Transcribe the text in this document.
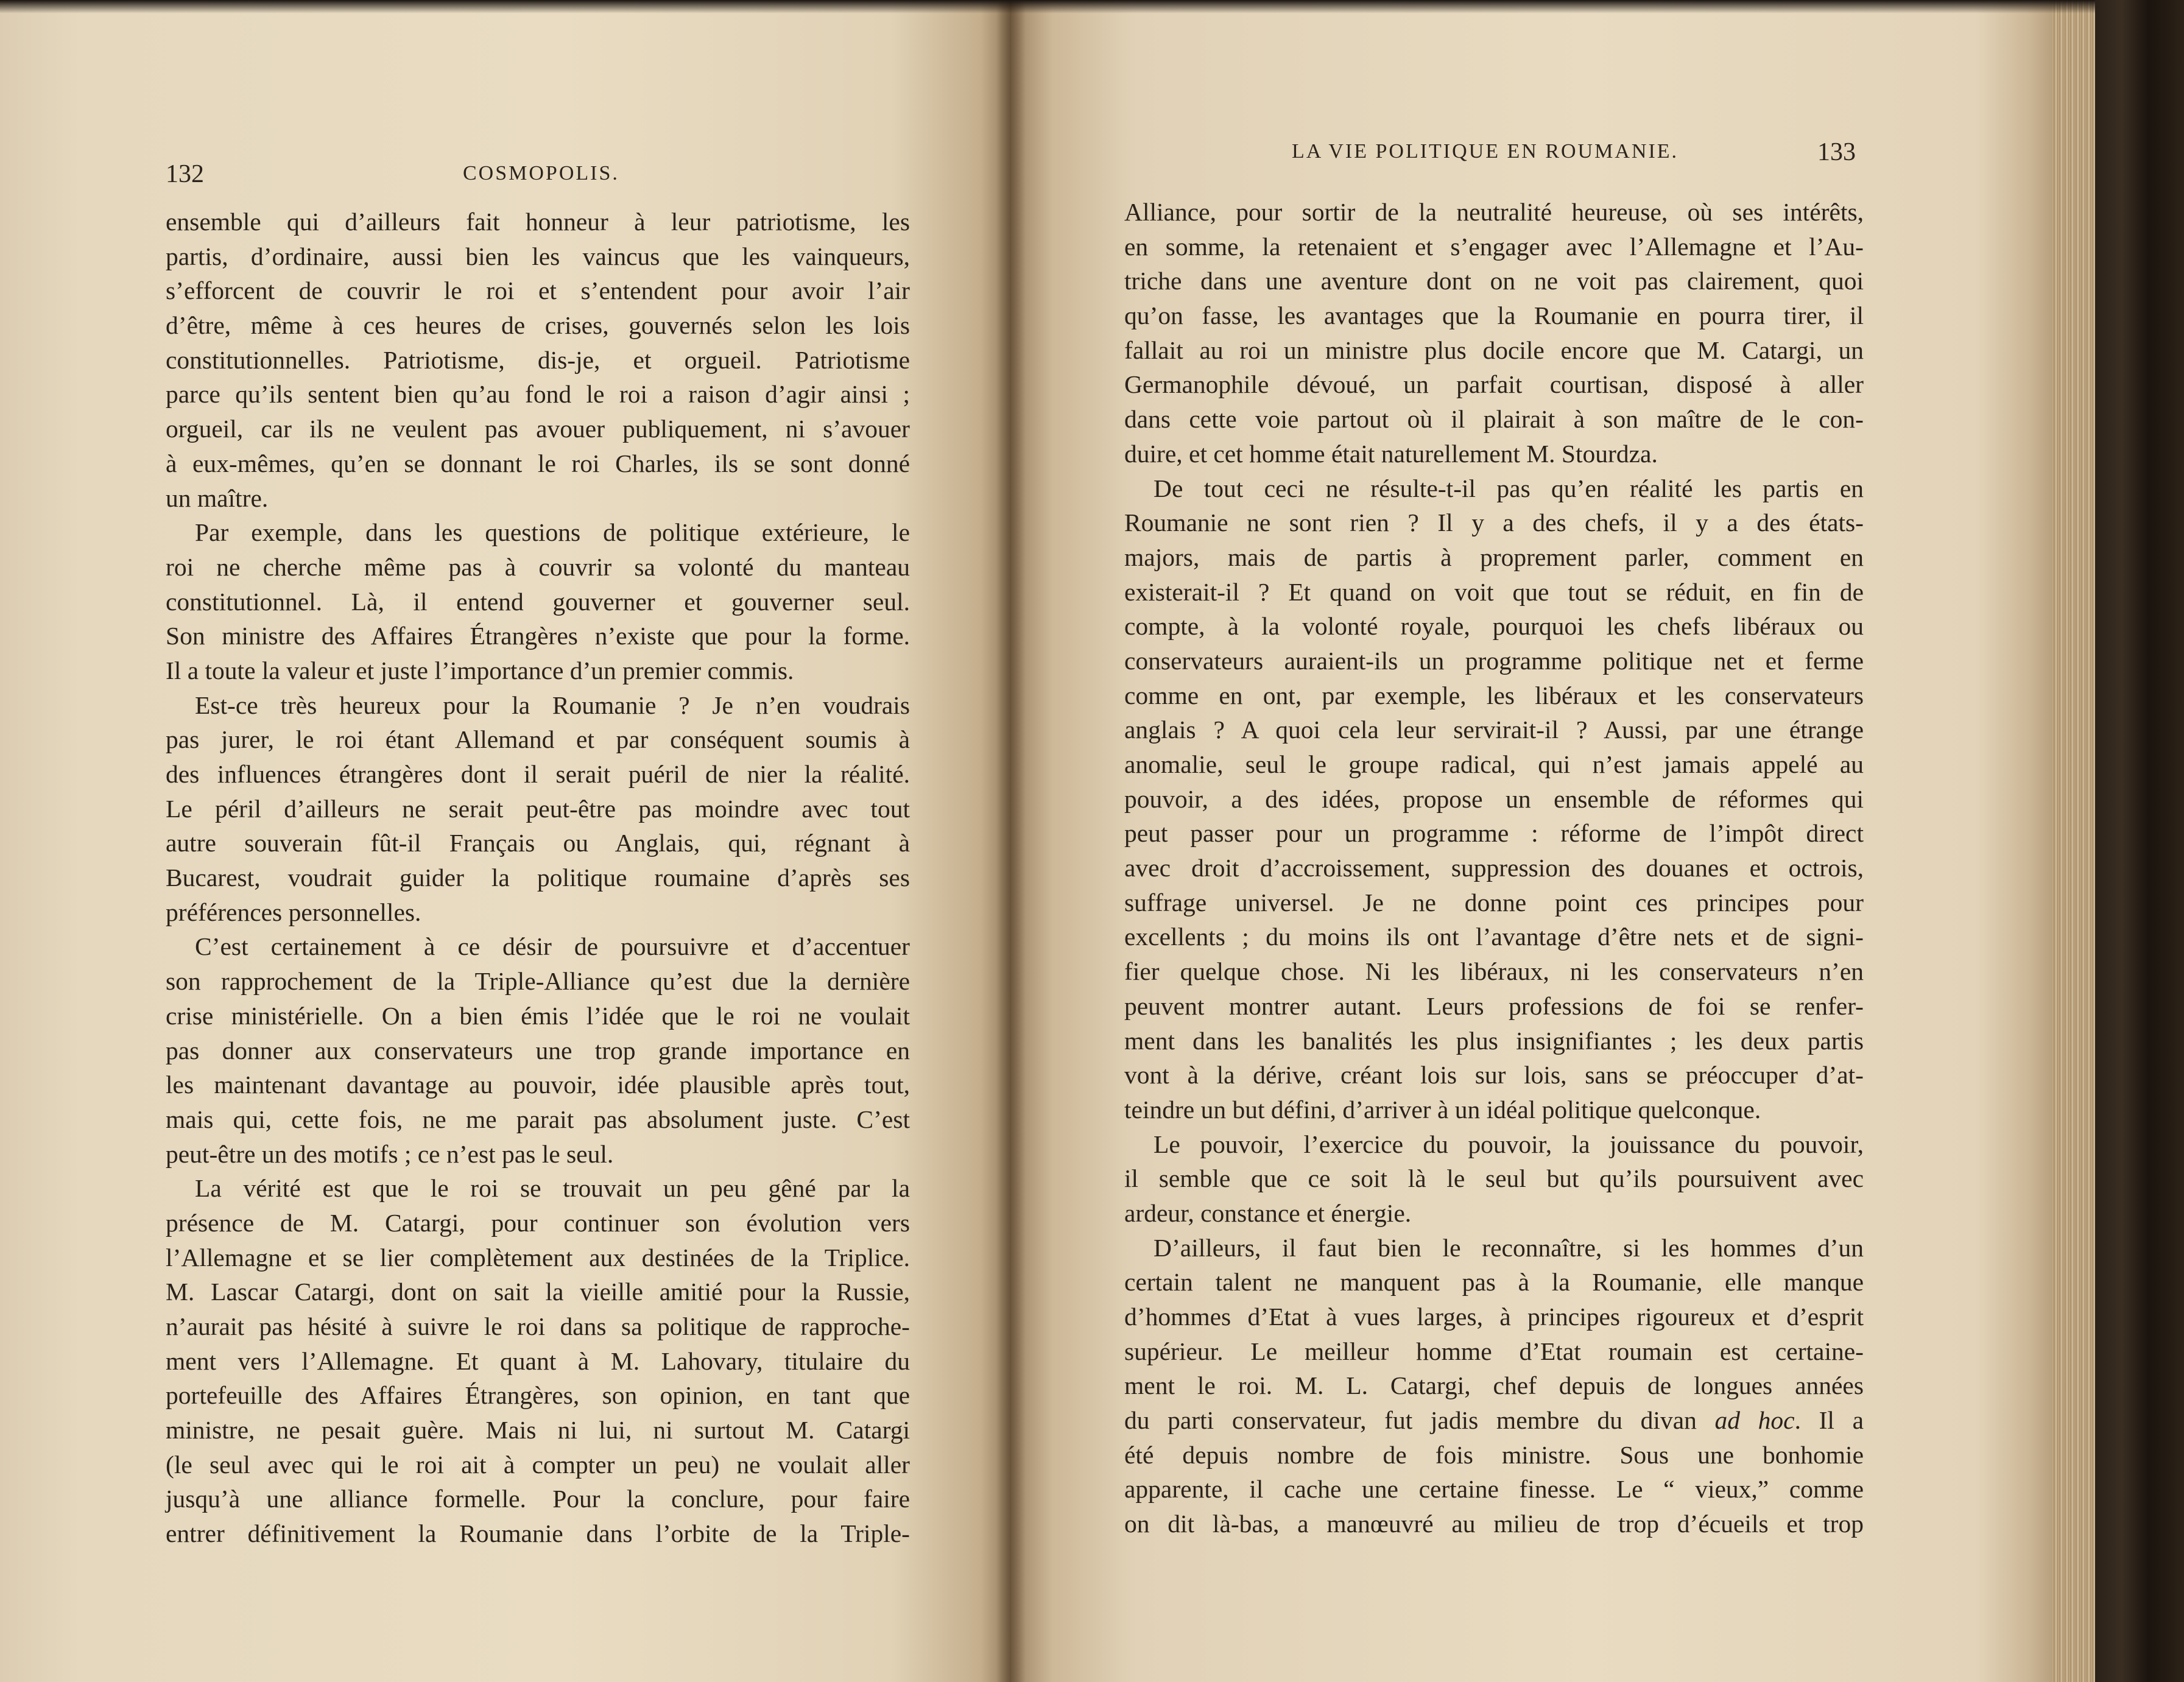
132	COSMOPOLIS.
ensemble qui d’ailleurs fait honneur à leur patriotisme, les
partis, d’ordinaire, aussi bien les vaincus que les vainqueurs,
s’efforcent de couvrir le roi et s’entendent pour avoir l’air
d’être, même à ces heures de crises, gouvernés selon les lois
constitutionnelles. Patriotisme, dis-je, et orgueil. Patriotisme
parce qu’ils sentent bien qu’au fond le roi a raison d’agir ainsi ;
orgueil, car ils ne veulent pas avouer publiquement, ni s’avouer
à eux-mêmes, qu’en se donnant le roi Charles, ils se sont donné
un maître.
Par exemple, dans les questions de politique extérieure, le
roi ne cherche même pas à couvrir sa volonté du manteau
constitutionnel. Là, il entend gouverner et gouverner seul.
Son ministre des Affaires Étrangères n’existe que pour la forme.
Il a toute la valeur et juste l’importance d’un premier commis.
Est-ce très heureux pour la Roumanie ? Je n’en voudrais
pas jurer, le roi étant Allemand et par conséquent soumis à
des influences étrangères dont il serait puéril de nier la réalité.
Le péril d’ailleurs ne serait peut-être pas moindre avec tout
autre souverain fût-il Français ou Anglais, qui, régnant à
Bucarest, voudrait guider la politique roumaine d’après ses
préférences personnelles.
C’est certainement à ce désir de poursuivre et d’accentuer
son rapprochement de la Triple-Alliance qu’est due la dernière
crise ministérielle. On a bien émis l’idée que le roi ne voulait
pas donner aux conservateurs une trop grande importance en
les maintenant davantage au pouvoir, idée plausible après tout,
mais qui, cette fois, ne me parait pas absolument juste. C’est
peut-être un des motifs ; ce n’est pas le seul.
La vérité est que le roi se trouvait un peu gêné par la
présence de M. Catargi, pour continuer son évolution vers
l’Allemagne et se lier complètement aux destinées de la Triplice.
M. Lascar Catargi, dont on sait la vieille amitié pour la Russie,
n’aurait pas hésité à suivre le roi dans sa politique de rapproche-
ment vers l’Allemagne. Et quant à M. Lahovary, titulaire du
portefeuille des Affaires Étrangères, son opinion, en tant que
ministre, ne pesait guère. Mais ni lui, ni surtout M. Catargi
(le seul avec qui le roi ait à compter un peu) ne voulait aller
jusqu’à une alliance formelle. Pour la conclure, pour faire
entrer définitivement la Roumanie dans l’orbite de la Triple-
LA VIE POLITIQUE EN ROUMANIE.	133
Alliance, pour sortir de la neutralité heureuse, où ses intérêts,
en somme, la retenaient et s’engager avec l’Allemagne et l’Au-
triche dans une aventure dont on ne voit pas clairement, quoi
qu’on fasse, les avantages que la Roumanie en pourra tirer, il
fallait au roi un ministre plus docile encore que M. Catargi, un
Germanophile dévoué, un parfait courtisan, disposé à aller
dans cette voie partout où il plairait à son maître de le con-
duire, et cet homme était naturellement M. Stourdza.
De tout ceci ne résulte-t-il pas qu’en réalité les partis en
Roumanie ne sont rien ? Il y a des chefs, il y a des états-
majors, mais de partis à proprement parler, comment en
existerait-il ? Et quand on voit que tout se réduit, en fin de
compte, à la volonté royale, pourquoi les chefs libéraux ou
conservateurs auraient-ils un programme politique net et ferme
comme en ont, par exemple, les libéraux et les conservateurs
anglais ? A quoi cela leur servirait-il ? Aussi, par une étrange
anomalie, seul le groupe radical, qui n’est jamais appelé au
pouvoir, a des idées, propose un ensemble de réformes qui
peut passer pour un programme : réforme de l’impôt direct
avec droit d’accroissement, suppression des douanes et octrois,
suffrage universel. Je ne donne point ces principes pour
excellents ; du moins ils ont l’avantage d’être nets et de signi-
fier quelque chose. Ni les libéraux, ni les conservateurs n’en
peuvent montrer autant. Leurs professions de foi se renfer-
ment dans les banalités les plus insignifiantes ; les deux partis
vont à la dérive, créant lois sur lois, sans se préoccuper d’at-
teindre un but défini, d’arriver à un idéal politique quelconque.
Le pouvoir, l’exercice du pouvoir, la jouissance du pouvoir,
il semble que ce soit là le seul but qu’ils poursuivent avec
ardeur, constance et énergie.
D’ailleurs, il faut bien le reconnaître, si les hommes d’un
certain talent ne manquent pas à la Roumanie, elle manque
d’hommes d’Etat à vues larges, à principes rigoureux et d’esprit
supérieur. Le meilleur homme d’Etat roumain est certaine-
ment le roi. M. L. Catargi, chef depuis de longues années
du parti conservateur, fut jadis membre du divan ad hoc. Il a
été depuis nombre de fois ministre. Sous une bonhomie
apparente, il cache une certaine finesse. Le “ vieux,” comme
on dit là-bas, a manœuvré au milieu de trop d’écueils et trop
